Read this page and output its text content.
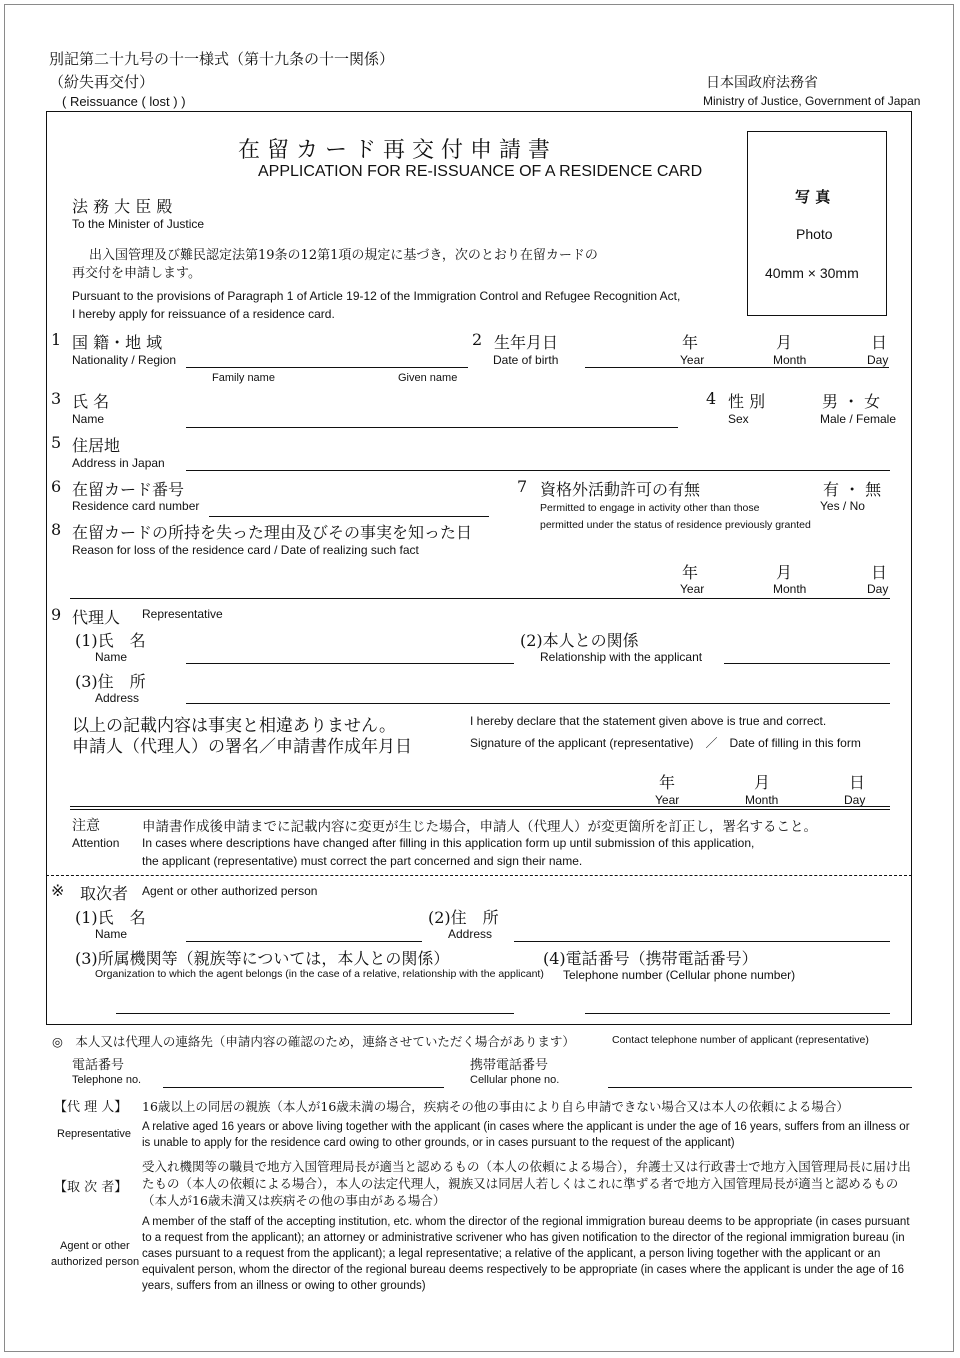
別記第二十九号の十一様式（第十九条の十一関係）
（紛失再交付）
( Reissuance ( lost ) )
日本国政府法務省
Ministry of Justice, Government of Japan
在 留 カ ー ド 再 交 付 申 請 書
APPLICATION FOR RE-ISSUANCE OF A RESIDENCE CARD
写 真
Photo
40mm × 30mm
法 務 大 臣 殿
To the Minister of Justice
出入国管理及び難民認定法第19条の12第1項の規定に基づき，次のとおり在留カードの
再交付を申請します。
Pursuant to the provisions of Paragraph 1 of Article 19-12 of the Immigration Control and Refugee Recognition Act,
I hereby apply for reissuance of a residence card.
1 国 籍・地 域
Nationality / Region
2 生年月日
Date of birth
年
Year
月
Month
日
Day
Family name	Given name
3 氏 名
Name
4 性 別
Sex
男 ・ 女
Male / Female
5 住居地
Address in Japan
6 在留カード番号
Residence card number
7 資格外活動許可の有無
Permitted to engage in activity other than those
permitted under the status of residence previously granted
有 ・ 無
Yes / No
8 在留カードの所持を失った理由及びその事実を知った日
Reason for loss of the residence card / Date of realizing such fact
年
Year
月
Month
日
Day
9 代理人 Representative
(1)氏　名
Name
(2)本人との関係
Relationship with the applicant
(3)住　所
Address
以上の記載内容は事実と相違ありません。
申請人（代理人）の署名／申請書作成年月日
I hereby declare that the statement given above is true and correct.
Signature of the applicant (representative)　／　Date of filling in this form
年
Year
月
Month
日
Day
注意
Attention
申請書作成後申請までに記載内容に変更が生じた場合，申請人（代理人）が変更箇所を訂正し，署名すること。
In cases where descriptions have changed after filling in this application form up until submission of this application,
the applicant (representative) must correct the part concerned and sign their name.
※ 取次者 Agent or other authorized person
(1)氏　名
Name
(2)住　所
Address
(3)所属機関等（親族等については，本人との関係）
Organization to which the agent belongs (in the case of a relative, relationship with the applicant)
(4)電話番号（携帯電話番号）
Telephone number (Cellular phone number)
◎　本人又は代理人の連絡先（申請内容の確認のため，連絡させていただく場合があります）	Contact telephone number of applicant (representative)
電話番号
Telephone no.
携帯電話番号
Cellular phone no.
【代 理 人】
Representative
16歳以上の同居の親族（本人が16歳未満の場合，疾病その他の事由により自ら申請できない場合又は本人の依頼による場合）
A relative aged 16 years or above living together with the applicant (in cases where the applicant is under the age of 16 years, suffers from an illness or is unable to apply for the residence card owing to other grounds, or in cases pursuant to the request of the applicant)
【取 次 者】
Agent or other
authorized person
受入れ機関等の職員で地方入国管理局長が適当と認めるもの（本人の依頼による場合），弁護士又は行政書士で地方入国管理局長に届け出たもの（本人の依頼による場合），本人の法定代理人，親族又は同居人若しくはこれに準ずる者で地方入国管理局長が適当と認めるもの（本人が16歳未満又は疾病その他の事由がある場合）
A member of the staff of the accepting institution, etc. whom the director of the regional immigration bureau deems to be appropriate (in cases pursuant to a request from the applicant); an attorney or administrative scrivener who has given notification to the director of the regional immigration bureau (in cases pursuant to a request from the applicant); a legal representative; a relative of the applicant, a person living together with the applicant or an equivalent person, whom the director of the regional bureau deems respectively to be appropriate (in cases where the applicant is under the age of 16 years, suffers from an illness or owing to other grounds)
